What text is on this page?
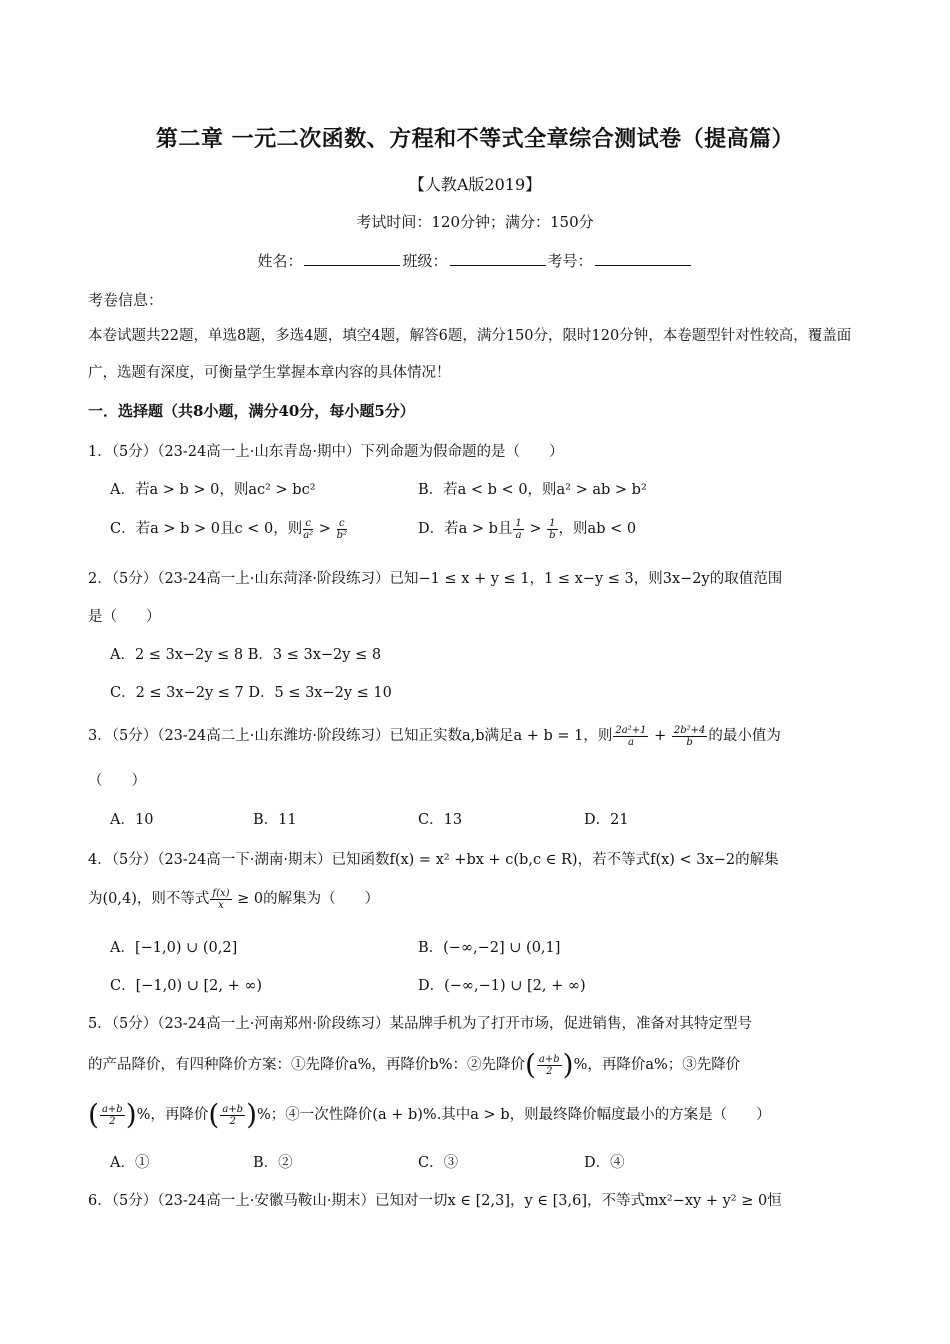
第二章 一元二次函数、方程和不等式全章综合测试卷（提高篇）
【人教A版2019】
考试时间：120分钟；满分：150分
姓名：	班级：	考号：
考卷信息：
本卷试题共22题，单选8题，多选4题，填空4题，解答6题，满分150分，限时120分钟，本卷题型针对性较高，覆盖面广，选题有深度，可衡量学生掌握本章内容的具体情况！
一．选择题（共8小题，满分40分，每小题5分）
1．（5分）（23-24高一上·山东青岛·期中）下列命题为假命题的是（　　）
A．若a > b > 0，则ac² > bc²	B．若a < b < 0，则a² > ab > b²
C．若a > b > 0且c < 0，则 $\frac{c}{\text{a²}} > \frac{c}{\text{b²}}$	D．若a > b且 $\frac{1}{a} > \frac{1}{b}$ ，则ab < 0
2．（5分）（23-24高一上·山东菏泽·阶段练习）已知−1 ≤ x + y ≤ 1，1 ≤ x−y ≤ 3，则3x−2y的取值范围
是（　　）
A．2 ≤ 3x−2y ≤ 8 B．3 ≤ 3x−2y ≤ 8
C．2 ≤ 3x−2y ≤ 7 D．5 ≤ 3x−2y ≤ 10
3．（5分）（23-24高二上·山东潍坊·阶段练习）已知正实数a,b满足a + b = 1，则 $\frac{\text{2a²+1}}{a} + \frac{\text{2b²+4}}{b}$ 的最小值为
（　　）
A．10	B．11	C．13	D．21
4．（5分）（23-24高一下·湖南·期末）已知函数f(x) = x² +bx + c(b,c ∈ R)，若不等式f(x) < 3x−2的解集
为(0,4)，则不等式 $\frac{f(x)}{x} \ge 0$的解集为（　　）
A．[−1,0) ∪ (0,2]	B．(−∞,−2] ∪ (0,1]
C．[−1,0) ∪ [2, + ∞)	D．(−∞,−1) ∪ [2, + ∞)
5．（5分）（23-24高一上·河南郑州·阶段练习）某品牌手机为了打开市场，促进销售，准备对其特定型号
的产品降价，有四种降价方案：①先降价a%，再降价b%：②先降价( $\frac{a+b}{2}$ )%，再降价a%；③先降价
( $\frac{a+b}{2}$ )%，再降价( $\frac{a+b}{2}$ )%；④一次性降价(a + b)%.其中a > b，则最终降价幅度最小的方案是（　　）
A．①	B．②	C．③	D．④
6．（5分）（23-24高一上·安徽马鞍山·期末）已知对一切x ∈ [2,3]，y ∈ [3,6]，不等式mx²−xy + y² ≥ 0恒
